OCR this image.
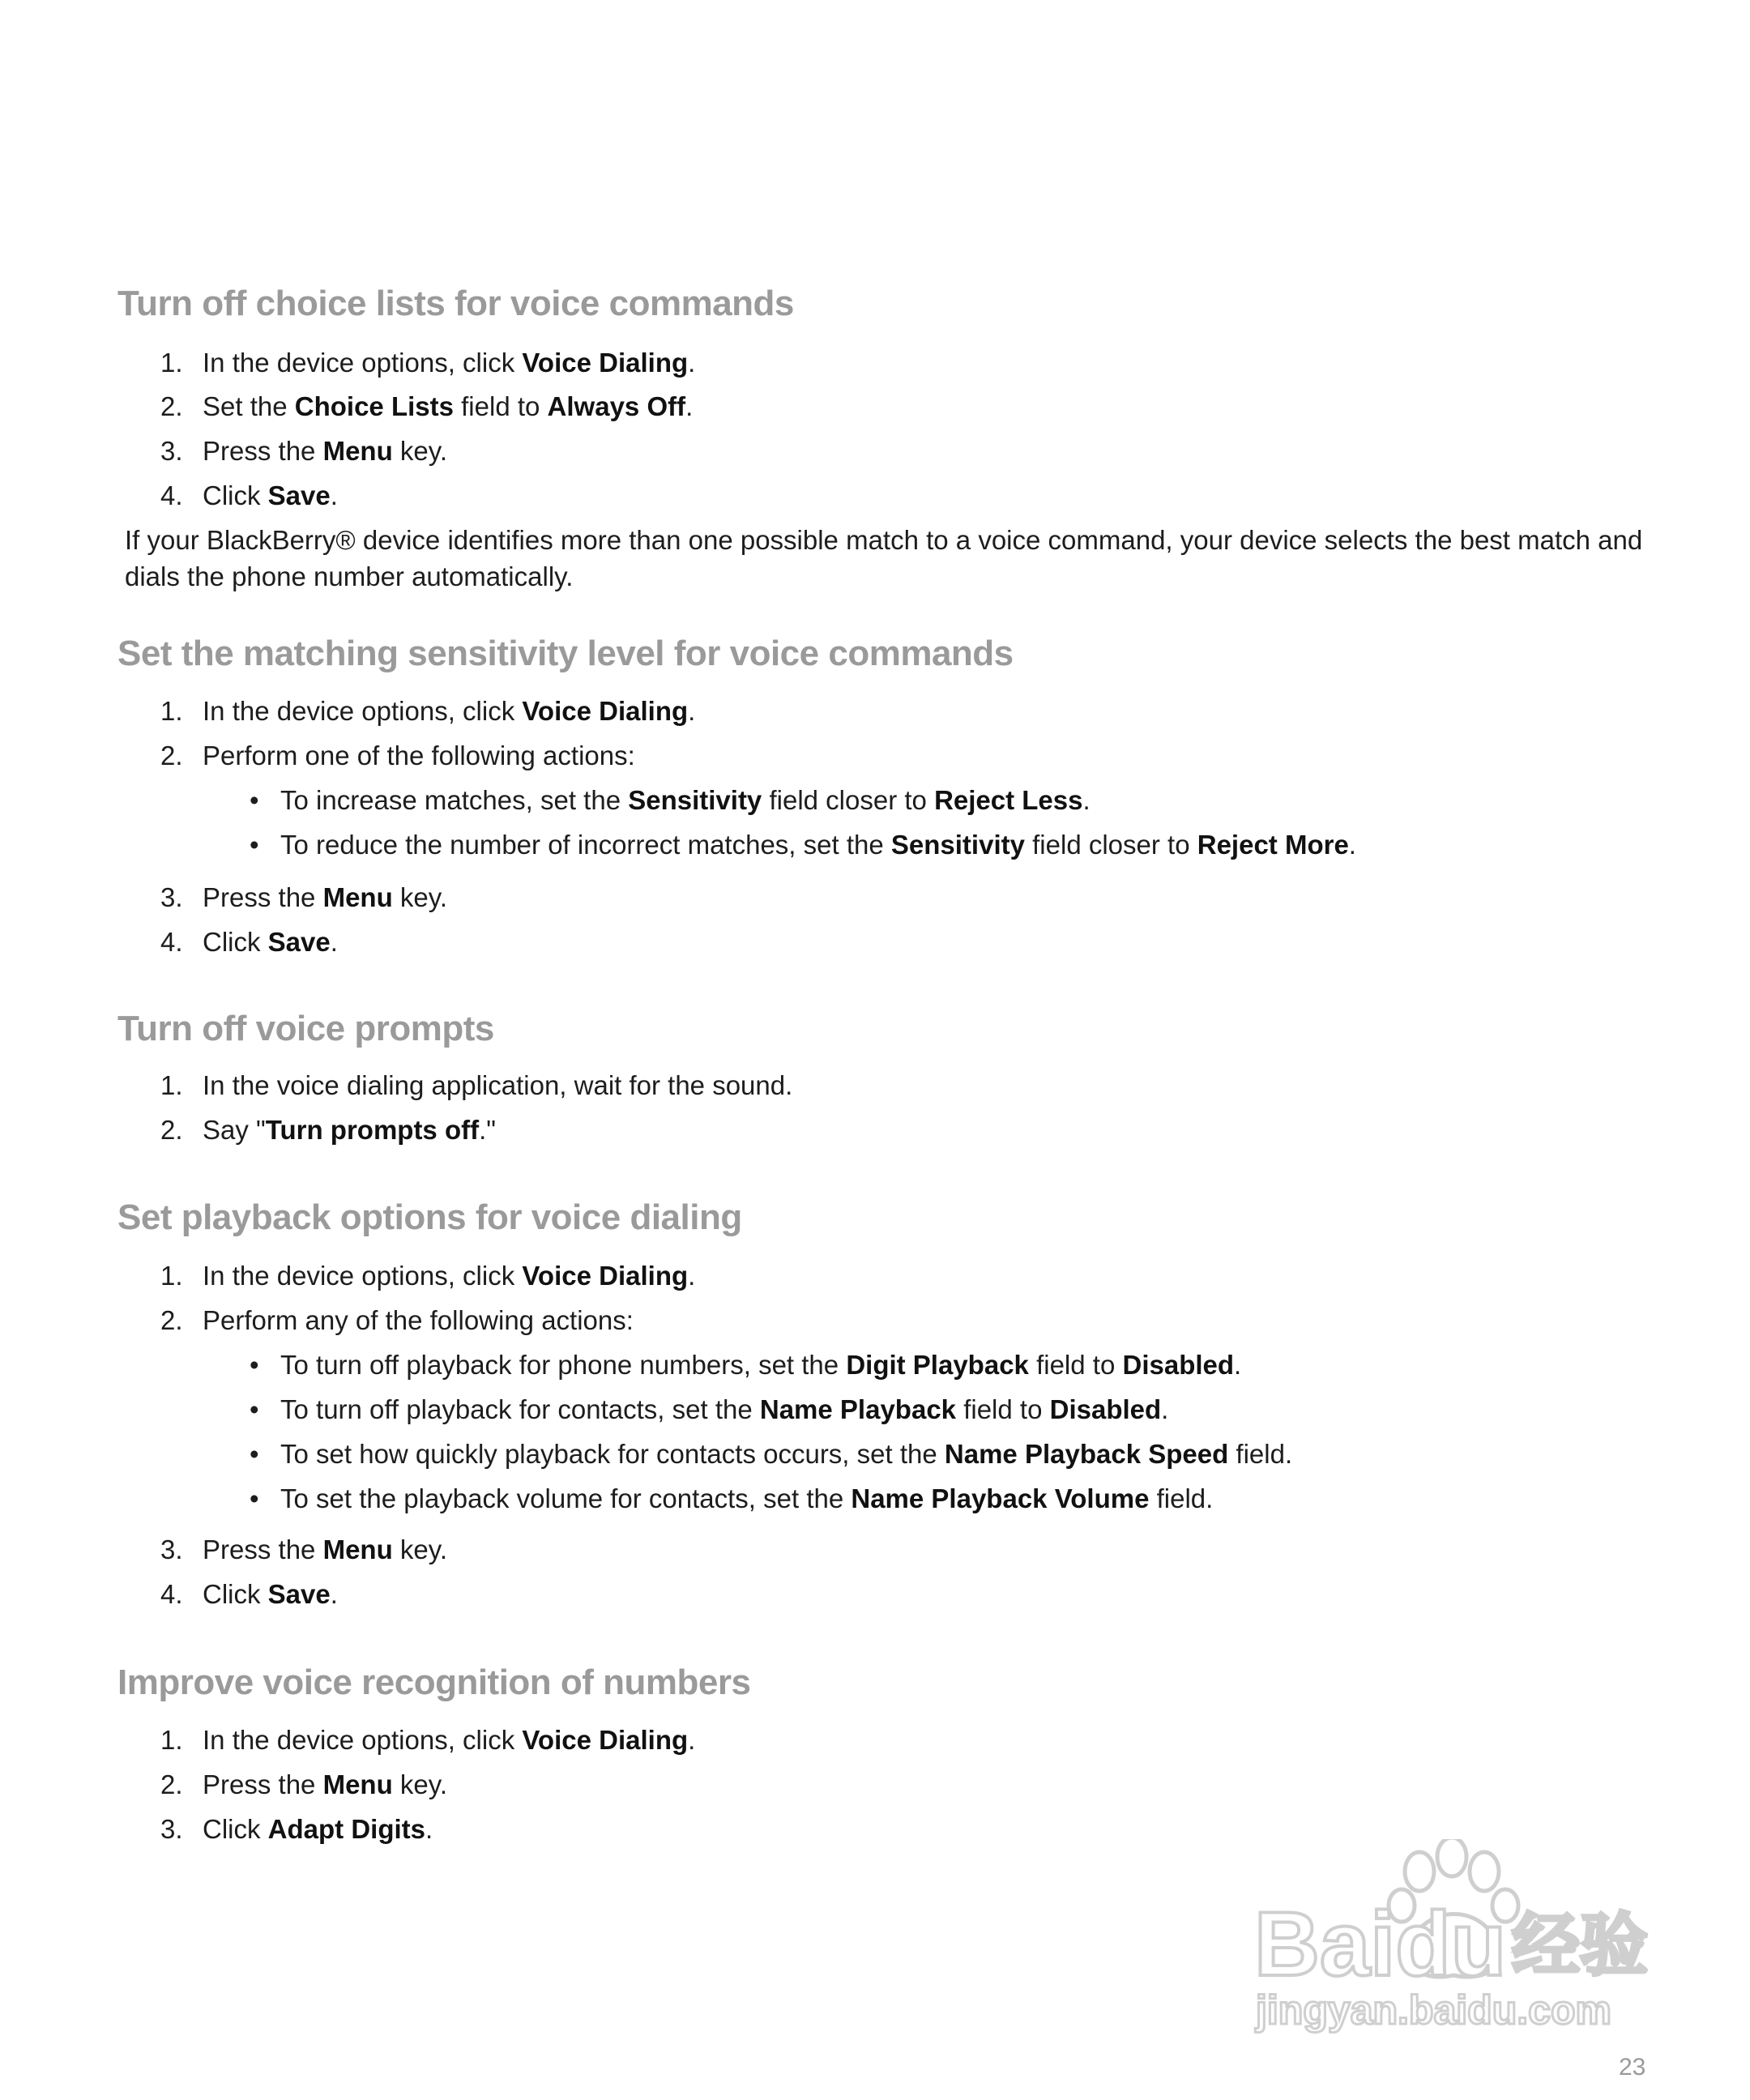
Turn off choice lists for voice commands
1. In the device options, click Voice Dialing.
2. Set the Choice Lists field to Always Off.
3. Press the Menu key.
4. Click Save.
If your BlackBerry® device identifies more than one possible match to a voice command, your device selects the best match and dials the phone number automatically.
Set the matching sensitivity level for voice commands
1. In the device options, click Voice Dialing.
2. Perform one of the following actions:
• To increase matches, set the Sensitivity field closer to Reject Less.
• To reduce the number of incorrect matches, set the Sensitivity field closer to Reject More.
3. Press the Menu key.
4. Click Save.
Turn off voice prompts
1. In the voice dialing application, wait for the sound.
2. Say "Turn prompts off."
Set playback options for voice dialing
1. In the device options, click Voice Dialing.
2. Perform any of the following actions:
• To turn off playback for phone numbers, set the Digit Playback field to Disabled.
• To turn off playback for contacts, set the Name Playback field to Disabled.
• To set how quickly playback for contacts occurs, set the Name Playback Speed field.
• To set the playback volume for contacts, set the Name Playback Volume field.
3. Press the Menu key.
4. Click Save.
Improve voice recognition of numbers
1. In the device options, click Voice Dialing.
2. Press the Menu key.
3. Click Adapt Digits.
Baidu 经验
jingyan.baidu.com
23
